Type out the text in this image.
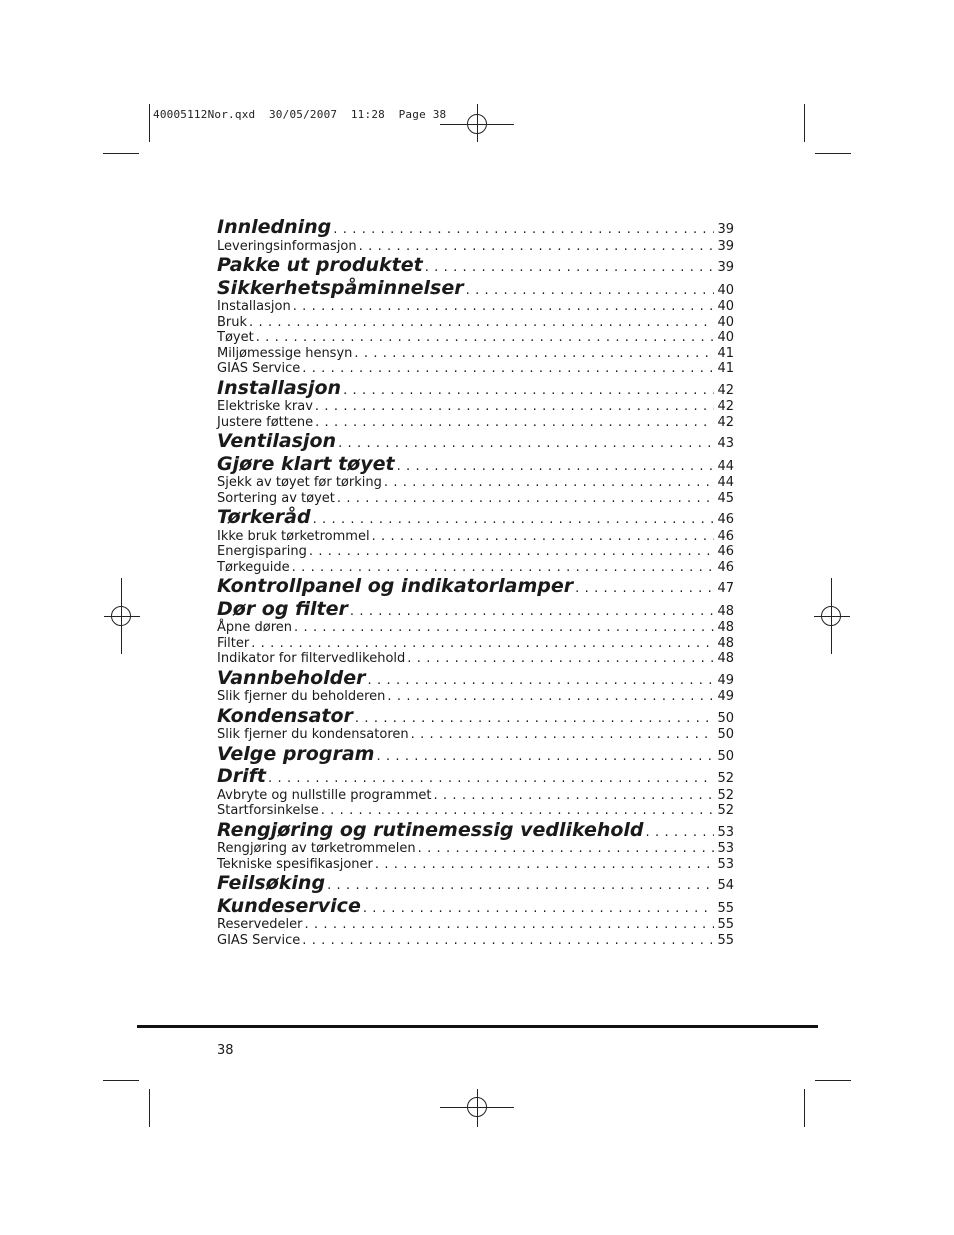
40005112Nor.qxd  30/05/2007  11:28  Page 38
Innledning . . .	39
Leveringsinformasjon . . .	39
Pakke ut produktet . . .	39
Sikkerhetspåminnelser . . .	40
Installasjon . . .	40
Bruk . . .	40
Tøyet . . .	40
Miljømessige hensyn . . .	41
GIAS Service . . .	41
Installasjon . . .	42
Elektriske krav . . .	42
Justere føttene . . .	42
Ventilasjon . . .	43
Gjøre klart tøyet . . .	44
Sjekk av tøyet før tørking . . .	44
Sortering av tøyet . . .	45
Tørkeråd . . .	46
Ikke bruk tørketrommel . . .	46
Energisparing . . .	46
Tørkeguide . . .	46
Kontrollpanel og indikatorlamper . . .	47
Dør og filter . . .	48
Åpne døren . . .	48
Filter . . .	48
Indikator for filtervedlikehold . . .	48
Vannbeholder . . .	49
Slik fjerner du beholderen . . .	49
Kondensator . . .	50
Slik fjerner du kondensatoren . . .	50
Velge program . . .	50
Drift . . .	52
Avbryte og nullstille programmet . . .	52
Startforsinkelse . . .	52
Rengjøring og rutinemessig vedlikehold . . .	53
Rengjøring av tørketrommelen . . .	53
Tekniske spesifikasjoner . . .	53
Feilsøking . . .	54
Kundeservice . . .	55
Reservedeler . . .	55
GIAS Service . . .	55
38
